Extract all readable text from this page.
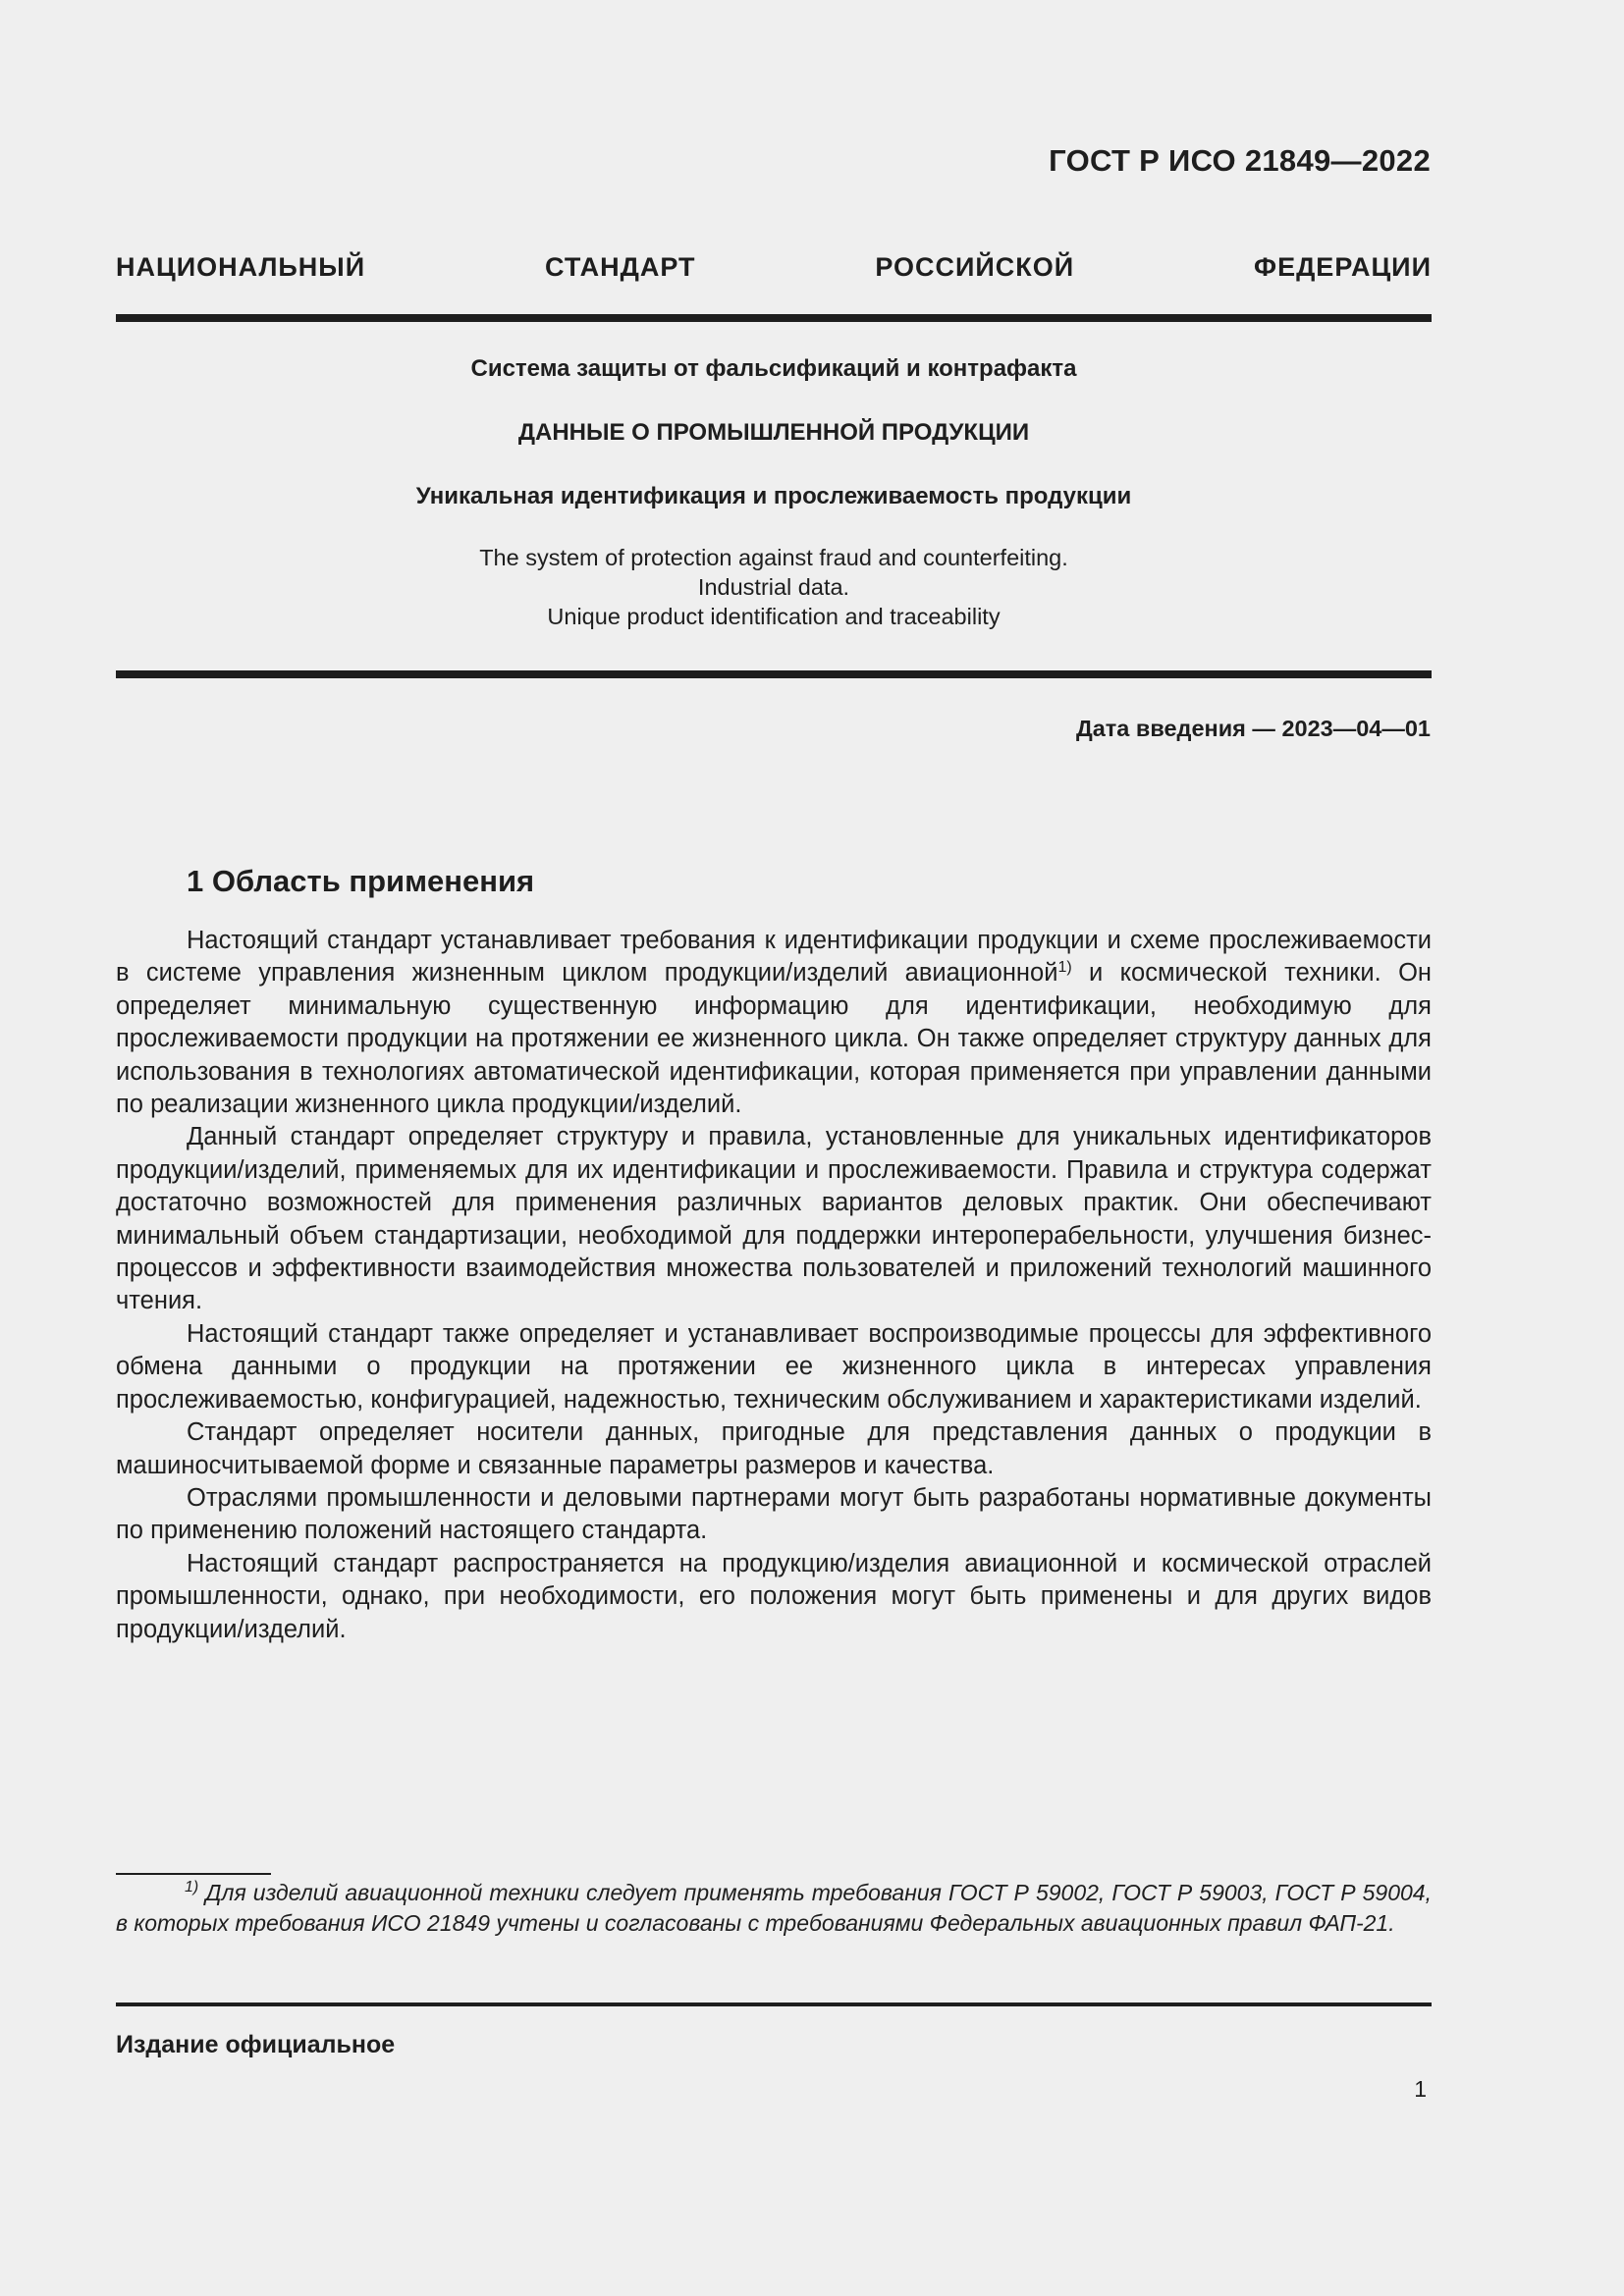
ГОСТ Р ИСО 21849—2022
НАЦИОНАЛЬНЫЙ СТАНДАРТ РОССИЙСКОЙ ФЕДЕРАЦИИ
Система защиты от фальсификаций и контрафакта
ДАННЫЕ О ПРОМЫШЛЕННОЙ ПРОДУКЦИИ
Уникальная идентификация и прослеживаемость продукции
The system of protection against fraud and counterfeiting.
Industrial data.
Unique product identification and traceability
Дата введения — 2023—04—01
1 Область применения

Настоящий стандарт устанавливает требования к идентификации продукции и схеме прослеживаемости в системе управления жизненным циклом продукции/изделий авиационной$^{1)}$ и космической техники. Он определяет минимальную существенную информацию для идентификации, необходимую для прослеживаемости продукции на протяжении ее жизненного цикла. Он также определяет структуру данных для использования в технологиях автоматической идентификации, которая применяется при управлении данными по реализации жизненного цикла продукции/изделий.

Данный стандарт определяет структуру и правила, установленные для уникальных идентификаторов продукции/изделий, применяемых для их идентификации и прослеживаемости. Правила и структура содержат достаточно возможностей для применения различных вариантов деловых практик. Они обеспечивают минимальный объем стандартизации, необходимой для поддержки интероперабельности, улучшения бизнес-процессов и эффективности взаимодействия множества пользователей и приложений технологий машинного чтения.

Настоящий стандарт также определяет и устанавливает воспроизводимые процессы для эффективного обмена данными о продукции на протяжении ее жизненного цикла в интересах управления прослеживаемостью, конфигурацией, надежностью, техническим обслуживанием и характеристиками изделий.

Стандарт определяет носители данных, пригодные для представления данных о продукции в машиносчитываемой форме и связанные параметры размеров и качества.

Отраслями промышленности и деловыми партнерами могут быть разработаны нормативные документы по применению положений настоящего стандарта.

Настоящий стандарт распространяется на продукцию/изделия авиационной и космической отраслей промышленности, однако, при необходимости, его положения могут быть применены и для других видов продукции/изделий.

$^{1)}$ Для изделий авиационной техники следует применять требования ГОСТ Р 59002, ГОСТ Р 59003, ГОСТ Р 59004, в которых требования ИСО 21849 учтены и согласованы с требованиями Федеральных авиационных правил ФАП-21.
Издание официальное
1
